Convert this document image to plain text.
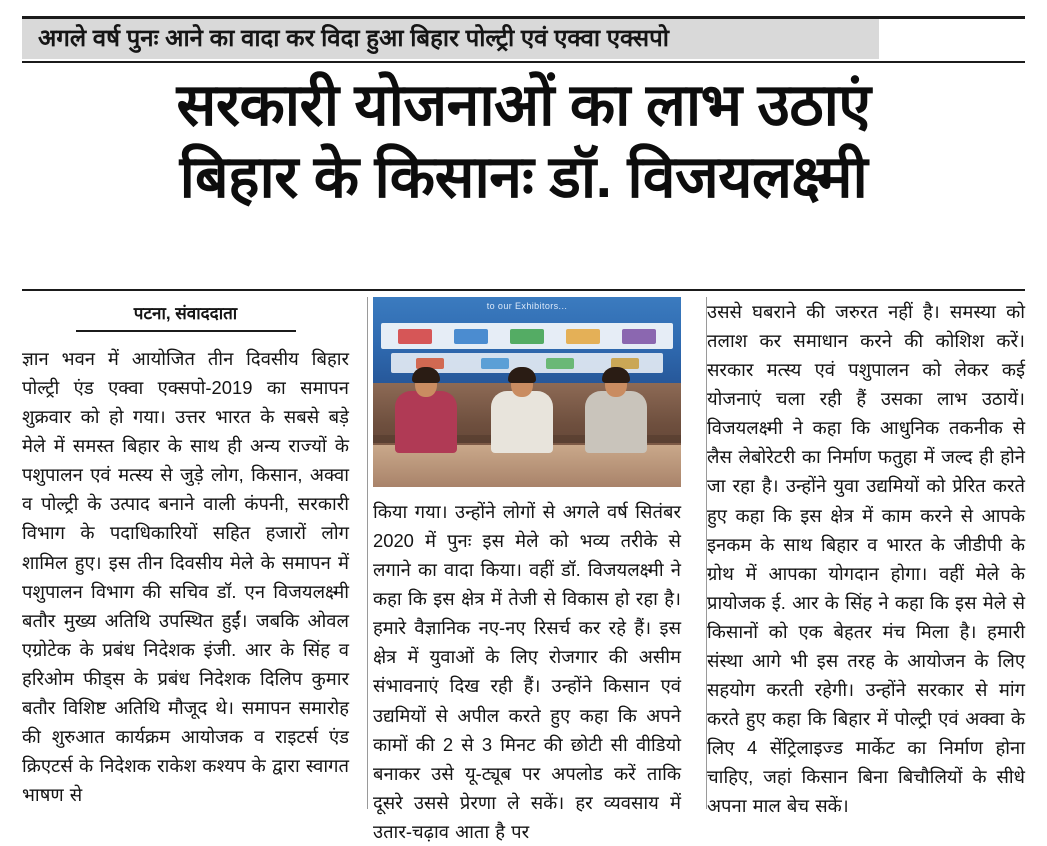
अगले वर्ष पुनः आने का वादा कर विदा हुआ बिहार पोल्ट्री एवं एक्वा एक्सपो
सरकारी योजनाओं का लाभ उठाएं
बिहार के किसानः डॉ. विजयलक्ष्मी
पटना, संवाददाता
ज्ञान भवन में आयोजित तीन दिवसीय बिहार पोल्ट्री एंड एक्वा एक्सपो-2019 का समापन शुक्रवार को हो गया। उत्तर भारत के सबसे बड़े मेले में समस्त बिहार के साथ ही अन्य राज्यों के पशुपालन एवं मत्स्य से जुड़े लोग, किसान, अक्वा व पोल्ट्री के उत्पाद बनाने वाली कंपनी, सरकारी विभाग के पदाधिकारियों सहित हजारों लोग शामिल हुए। इस तीन दिवसीय मेले के समापन में पशुपालन विभाग की सचिव डॉ. एन विजयलक्ष्मी बतौर मुख्य अतिथि उपस्थित हुईं। जबकि ओवल एग्रोटेक के प्रबंध निदेशक इंजी. आर के सिंह व हरिओम फीड्स के प्रबंध निदेशक दिलिप कुमार बतौर विशिष्ट अतिथि मौजूद थे। समापन समारोह की शुरुआत कार्यक्रम आयोजक व राइटर्स एंड क्रिएटर्स के निदेशक राकेश कश्यप के द्वारा स्वागत भाषण से
to our Exhibitors...
किया गया। उन्होंने लोगों से अगले वर्ष सितंबर 2020 में पुनः इस मेले को भव्य तरीके से लगाने का वादा किया। वहीं डॉ. विजयलक्ष्मी ने कहा कि इस क्षेत्र में तेजी से विकास हो रहा है। हमारे वैज्ञानिक नए-नए रिसर्च कर रहे हैं। इस क्षेत्र में युवाओं के लिए रोजगार की असीम संभावनाएं दिख रही हैं। उन्होंने किसान एवं उद्यमियों से अपील करते हुए कहा कि अपने कामों की 2 से 3 मिनट की छोटी सी वीडियो बनाकर उसे यू-ट्यूब पर अपलोड करें ताकि दूसरे उससे प्रेरणा ले सकें। हर व्यवसाय में उतार-चढ़ाव आता है पर
उससे घबराने की जरुरत नहीं है। समस्या को तलाश कर समाधान करने की कोशिश करें। सरकार मत्स्य एवं पशुपालन को लेकर कई योजनाएं चला रही हैं उसका लाभ उठायें। विजयलक्ष्मी ने कहा कि आधुनिक तकनीक से लैस लेबोरेटरी का निर्माण फतुहा में जल्द ही होने जा रहा है। उन्होंने युवा उद्यमियों को प्रेरित करते हुए कहा कि इस क्षेत्र में काम करने से आपके इनकम के साथ बिहार व भारत के जीडीपी के ग्रोथ में आपका योगदान होगा। वहीं मेले के प्रायोजक ई. आर के सिंह ने कहा कि इस मेले से किसानों को एक बेहतर मंच मिला है। हमारी संस्था आगे भी इस तरह के आयोजन के लिए सहयोग करती रहेगी। उन्होंने सरकार से मांग करते हुए कहा कि बिहार में पोल्ट्री एवं अक्वा के लिए 4 सेंट्रिलाइज्ड मार्केट का निर्माण होना चाहिए, जहां किसान बिना बिचौलियों के सीधे अपना माल बेच सकें।
